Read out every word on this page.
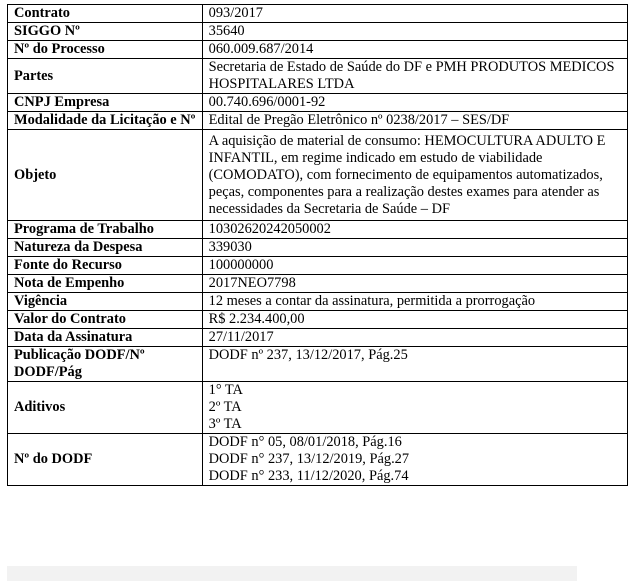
Contrato	093/2017
SIGGO Nº	35640
Nº do Processo	060.009.687/2014
Partes	Secretaria de Estado de Saúde do DF e PMH PRODUTOS MEDICOS HOSPITALARES LTDA
CNPJ Empresa	00.740.696/0001-92
Modalidade da Licitação e Nº	Edital de Pregão Eletrônico nº 0238/2017 – SES/DF
Objeto	A aquisição de material de consumo: HEMOCULTURA ADULTO E INFANTIL, em regime indicado em estudo de viabilidade (COMODATO), com fornecimento de equipamentos automatizados, peças, componentes para a realização destes exames para atender as necessidades da Secretaria de Saúde – DF
Programa de Trabalho	10302620242050002
Natureza da Despesa	339030
Fonte do Recurso	100000000
Nota de Empenho	2017NEO7798
Vigência	12 meses a contar da assinatura, permitida a prorrogação
Valor do Contrato	R$ 2.234.400,00
Data da Assinatura	27/11/2017
Publicação DODF/Nº DODF/Pág	DODF nº 237, 13/12/2017, Pág.25
Aditivos	1° TA
2º TA
3º TA

Nº do DODF	DODF n° 05, 08/01/2018, Pág.16
DODF n° 237, 13/12/2019, Pág.27
DODF n° 233, 11/12/2020, Pág.74
